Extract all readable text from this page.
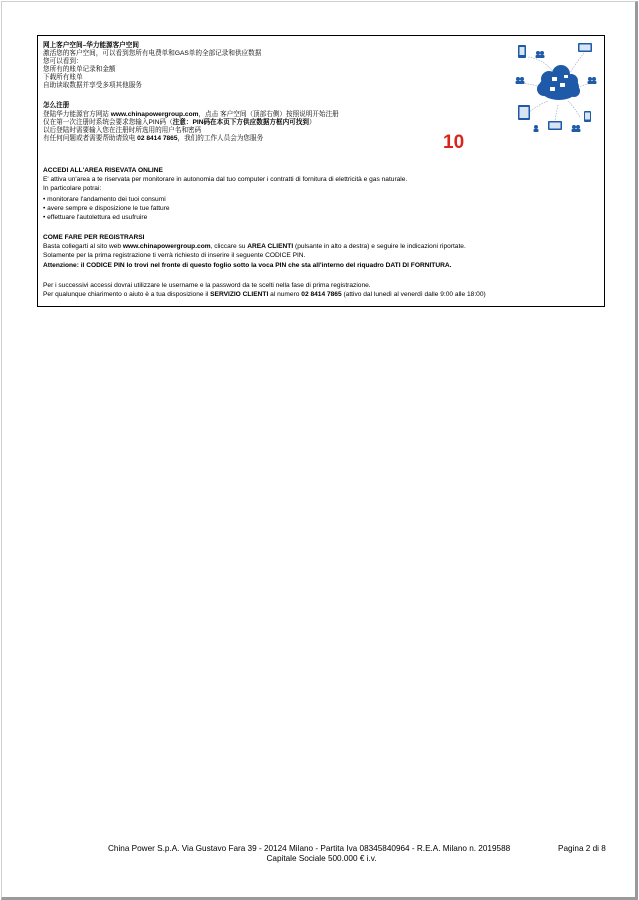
网上客户空间–华力能源客户空间
激活您的客户空间，可以看到您所有电费单和GAS单的全部记录和供应数据
您可以看到：
您所有的账单记录和金额
下载所有账单
自助读取数据并享受多项其他服务
怎么注册
登陆华力能源官方网站 www.chinapowergroup.com，点击 客户空间（顶部右侧）按照说明开始注册
仅在第一次注册时系统会要求您输入PIN码（注意：PIN码在本页下方供应数据方框内可找到）
以后登陆时需要输入您在注册时所选用的用户名和密码
有任何问题或者需要帮助请致电 02 8414 7865，我们的工作人员会为您服务	10
ACCEDI ALL'AREA RISEVATA ONLINE
E' attiva un'area a te riservata per monitorare in autonomia dal tuo computer i contratti di fornitura di elettricità e gas naturale.
In particolare potrai:
• monitorare l'andamento dei tuoi consumi
• avere sempre e disposizione le tue fatture
• effettuare l'autolettura ed usufruire
COME FARE PER REGISTRARSI
Basta collegarti al sito web www.chinapowergroup.com, cliccare su AREA CLIENTI (pulsante in alto a destra) e seguire le indicazioni riportate.
Solamente per la prima registrazione ti verrà richiesto di inserire il seguente CODICE PIN.
Attenzione: il CODICE PIN lo trovi nel fronte di questo foglio sotto la voca PIN che sta all'interno del riquadro DATI DI FORNITURA.
Per i successivi accessi dovrai utilizzare le username e la password da te scelti nella fase di prima registrazione.
Per qualunque chiarimento o aiuto è a tua disposizione il SERVIZIO CLIENTI al numero 02 8414 7865 (attivo dal lunedì al venerdì dalle 9:00 alle 18:00)
China Power S.p.A. Via Gustavo Fara 39 - 20124 Milano - Partita Iva 08345840964 - R.E.A. Milano n. 2019588
Capitale Sociale 500.000 € i.v.
Pagina 2 di 8
